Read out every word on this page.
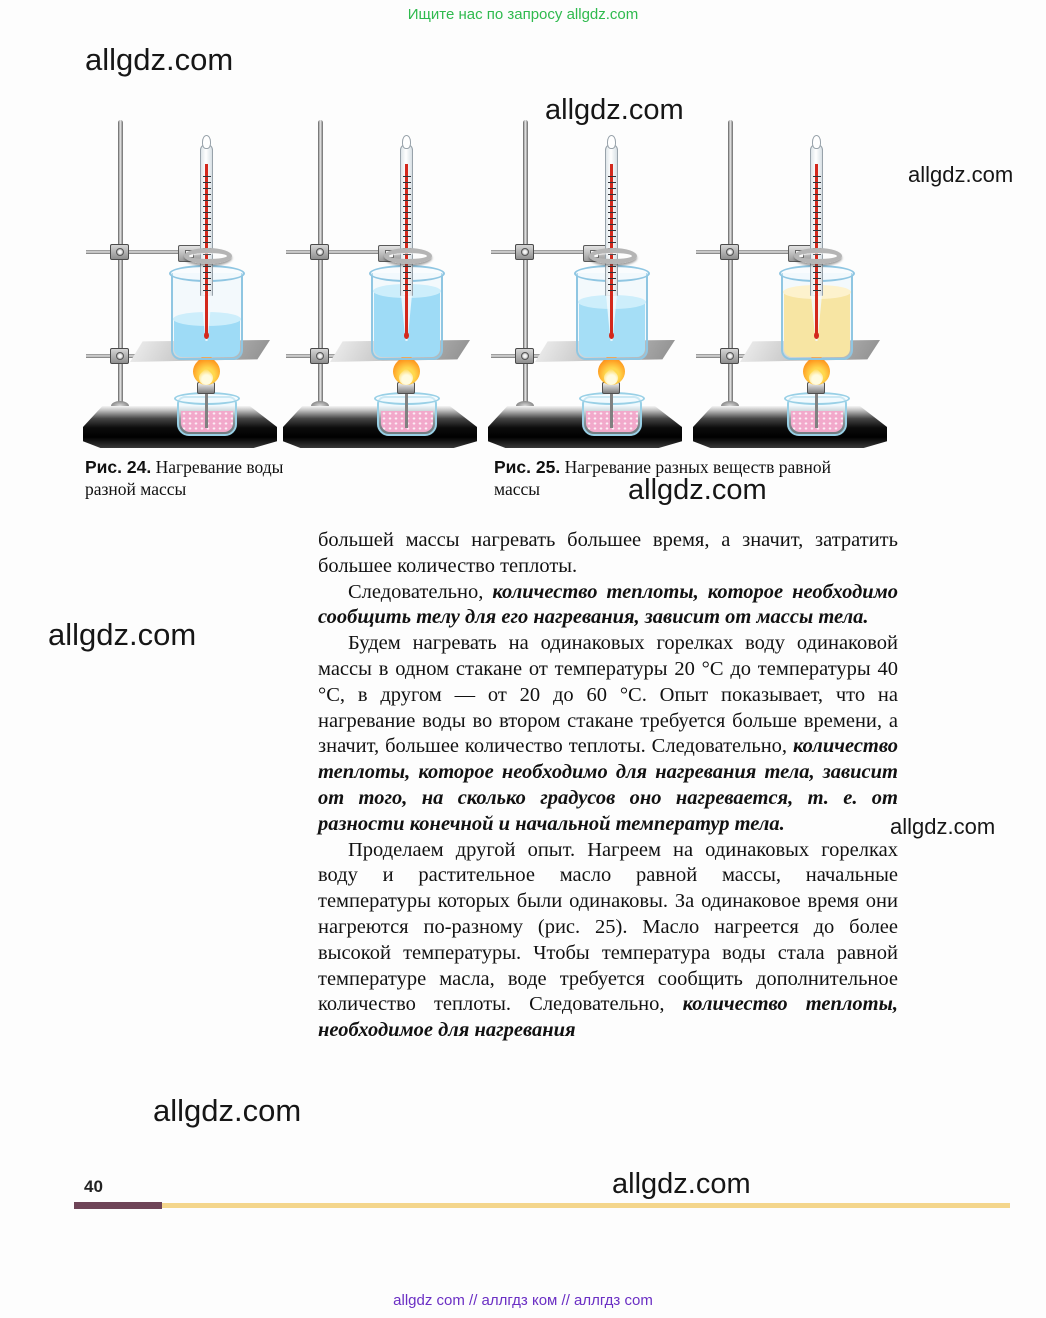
Ищите нас по запросу allgdz.com
allgdz.com
allgdz.com
allgdz.com
allgdz.com
allgdz.com
allgdz.com
allgdz.com
allgdz.com
Рис. 24. Нагревание воды разной массы
Рис. 25. Нагревание разных веществ равной массы

большей массы нагревать большее время, а значит, затратить большее количество теплоты.

Следовательно, количество теплоты, которое необходимо сообщить телу для его нагревания, зависит от массы тела.

Будем нагревать на одинаковых горелках воду одинаковой массы в одном стакане от температуры 20 °C до температуры 40 °C, в другом — от 20 до 60 °C. Опыт показывает, что на нагревание воды во втором стакане требуется больше времени, а значит, большее количество теплоты. Следовательно, количество теплоты, которое необходимо для нагревания тела, зависит от того, на сколько градусов оно нагревается, т. е. от разности конечной и начальной температур тела.

Проделаем другой опыт. Нагреем на одинаковых горелках воду и растительное масло равной массы, начальные температуры которых были одинаковы. За одинаковое время они нагреются по-разному (рис. 25). Масло нагреется до более высокой температуры. Чтобы температура воды стала равной температуре масла, воде требуется сообщить дополнительное количество теплоты. Следовательно, количество теплоты, необходимое для нагревания

40
allgdz com // аллгдз ком // аллгдз com
